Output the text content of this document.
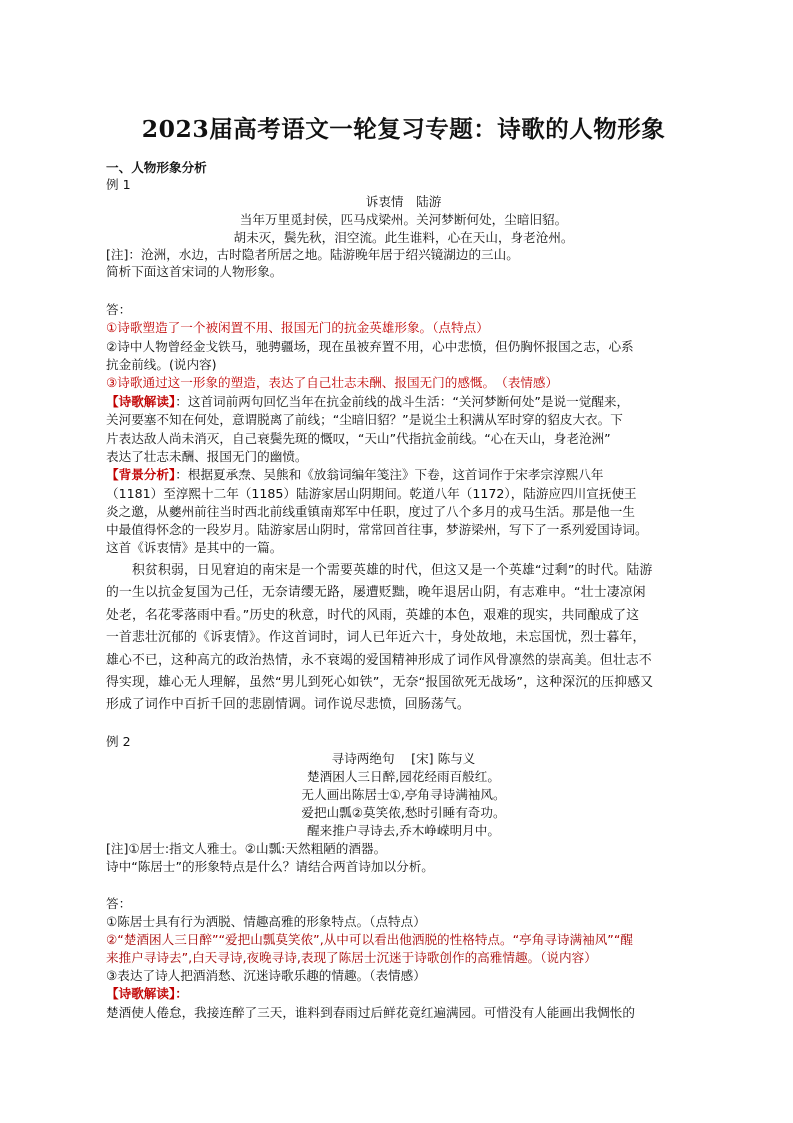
2023届高考语文一轮复习专题：诗歌的人物形象
一、人物形象分析
例 1
诉衷情　陆游
当年万里觅封侯，匹马戍梁州。关河梦断何处，尘暗旧貂。
胡未灭，鬓先秋，泪空流。此生谁料，心在天山，身老沧州。
[注]：沧洲，水边，古时隐者所居之地。陆游晚年居于绍兴镜湖边的三山。
简析下面这首宋词的人物形象。
答：
①诗歌塑造了一个被闲置不用、报国无门的抗金英雄形象。（点特点）
②诗中人物曾经金戈铁马，驰骋疆场，现在虽被弃置不用，心中悲愤，但仍胸怀报国之志，心系
抗金前线。(说内容)
③诗歌通过这一形象的塑造，表达了自己壮志未酬、报国无门的感慨。　（表情感）
【诗歌解读】：这首词前两句回忆当年在抗金前线的战斗生活：“关河梦断何处”是说一觉醒来，
关河要塞不知在何处，意谓脱离了前线；“尘暗旧貂？”是说尘土积满从军时穿的貂皮大衣。下
片表达敌人尚未消灭，自己衰鬓先斑的慨叹，“天山”代指抗金前线。“心在天山，身老沧洲”
表达了壮志未酬、报国无门的幽愤。
【背景分析】：根据夏承焘、吴熊和《放翁词编年笺注》下卷，这首词作于宋孝宗淳熙八年
（1181）至淳熙十二年（1185）陆游家居山阴期间。乾道八年（1172），陆游应四川宣抚使王
炎之邀，从夔州前往当时西北前线重镇南郑军中任职，度过了八个多月的戎马生活。那是他一生
中最值得怀念的一段岁月。陆游家居山阴时，常常回首往事，梦游梁州，写下了一系列爱国诗词。
这首《诉衷情》是其中的一篇。
积贫积弱，日见窘迫的南宋是一个需要英雄的时代，但这又是一个英雄“过剩”的时代。陆游
的一生以抗金复国为己任，无奈请缨无路，屡遭贬黜，晚年退居山阴，有志难申。“壮士凄凉闲
处老，名花零落雨中看。”历史的秋意，时代的风雨，英雄的本色，艰难的现实，共同酿成了这
一首悲壮沉郁的《诉衷情》。作这首词时，词人已年近六十，身处故地，未忘国忧，烈士暮年，
雄心不已，这种高亢的政治热情，永不衰竭的爱国精神形成了词作风骨凛然的崇高美。但壮志不
得实现，雄心无人理解，虽然“男儿到死心如铁”，无奈“报国欲死无战场”，这种深沉的压抑感又
形成了词作中百折千回的悲剧情调。词作说尽悲愤，回肠荡气。
例 2
寻诗两绝句　 [宋] 陈与义
楚酒困人三日醉,园花经雨百般红。
无人画出陈居士①,亭角寻诗满袖风。
爱把山瓢②莫笑侬,愁时引睡有奇功。
醒来推户寻诗去,乔木峥嵘明月中。
[注]①居士:指文人雅士。②山瓢:天然粗陋的酒器。
诗中“陈居士”的形象特点是什么？请结合两首诗加以分析。
答：
①陈居士具有行为洒脱、情趣高雅的形象特点。（点特点）
②“楚酒困人三日醉”“爱把山瓢莫笑侬”,从中可以看出他洒脱的性格特点。“亭角寻诗满袖风”“醒
来推户寻诗去”,白天寻诗,夜晚寻诗,表现了陈居士沉迷于诗歌创作的高雅情趣。（说内容）
③表达了诗人把酒消愁、沉迷诗歌乐趣的情趣。（表情感）
【诗歌解读】：
楚酒使人倦怠，我接连醉了三天，谁料到春雨过后鲜花竟红遍满园。可惜没有人能画出我惆怅的
